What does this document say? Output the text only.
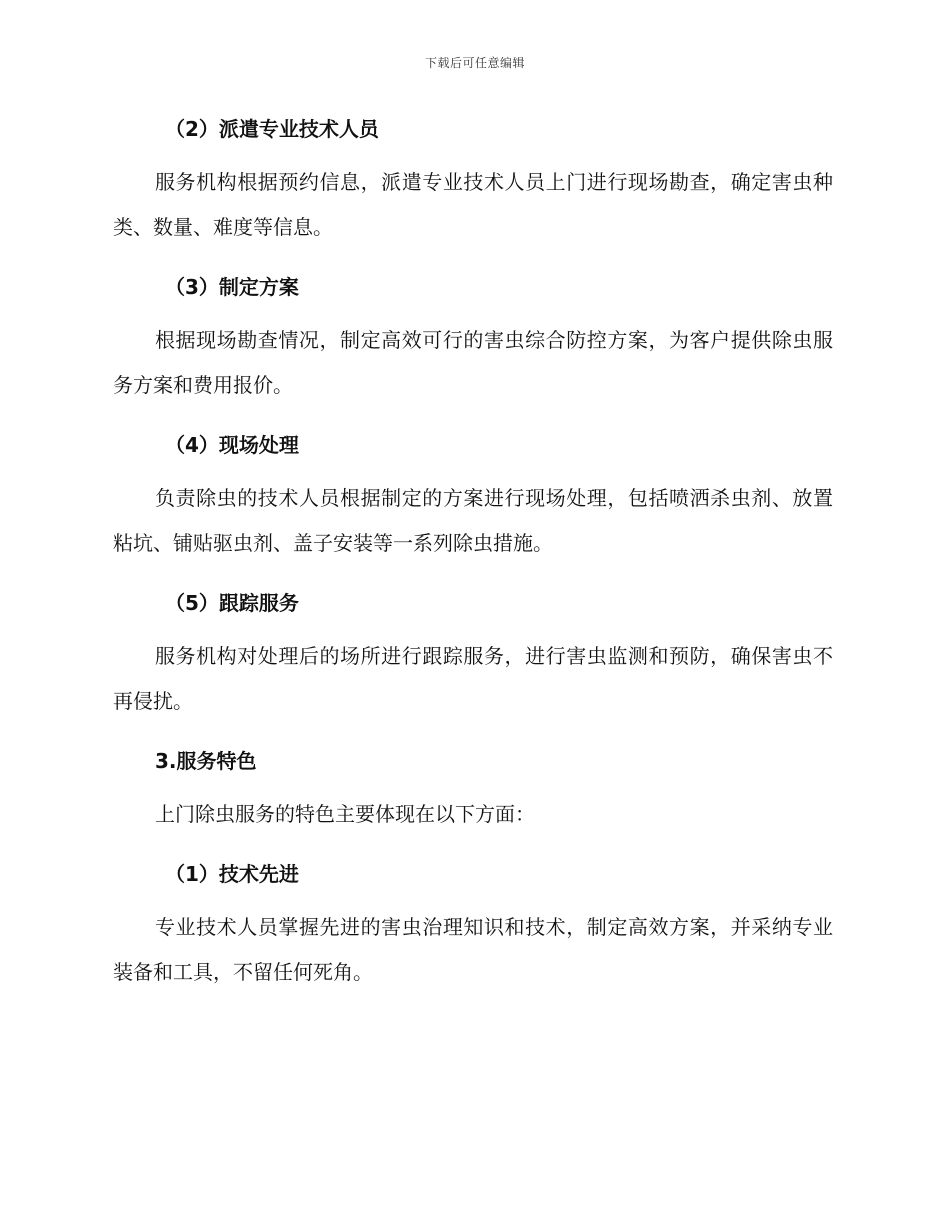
下载后可任意编辑
（2）派遣专业技术人员
服务机构根据预约信息，派遣专业技术人员上门进行现场勘查，确定害虫种类、数量、难度等信息。
（3）制定方案
根据现场勘查情况，制定高效可行的害虫综合防控方案，为客户提供除虫服务方案和费用报价。
（4）现场处理
负责除虫的技术人员根据制定的方案进行现场处理，包括喷洒杀虫剂、放置粘坑、铺贴驱虫剂、盖子安装等一系列除虫措施。
（5）跟踪服务
服务机构对处理后的场所进行跟踪服务，进行害虫监测和预防，确保害虫不再侵扰。
3.服务特色
上门除虫服务的特色主要体现在以下方面：
（1）技术先进
专业技术人员掌握先进的害虫治理知识和技术，制定高效方案，并采纳专业装备和工具，不留任何死角。
